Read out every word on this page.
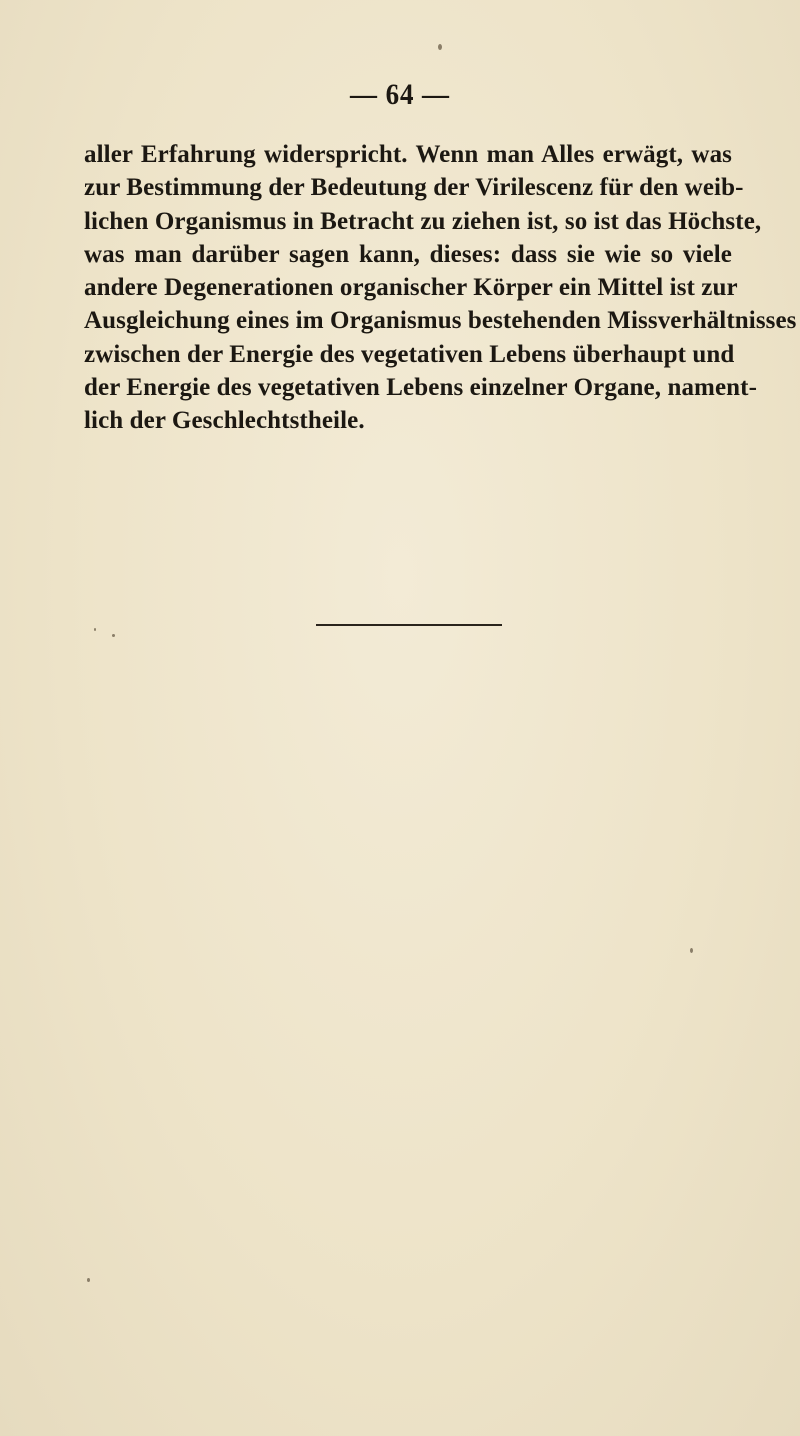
— 64 —
aller Erfahrung widerspricht. Wenn man Alles erwägt, was
zur Bestimmung der Bedeutung der Virilescenz für den weib-
lichen Organismus in Betracht zu ziehen ist, so ist das Höchste,
was man darüber sagen kann, dieses: dass sie wie so viele
andere Degenerationen organischer Körper ein Mittel ist zur
Ausgleichung eines im Organismus bestehenden Missverhältnisses
zwischen der Energie des vegetativen Lebens überhaupt und
der Energie des vegetativen Lebens einzelner Organe, nament-
lich der Geschlechtstheile.
